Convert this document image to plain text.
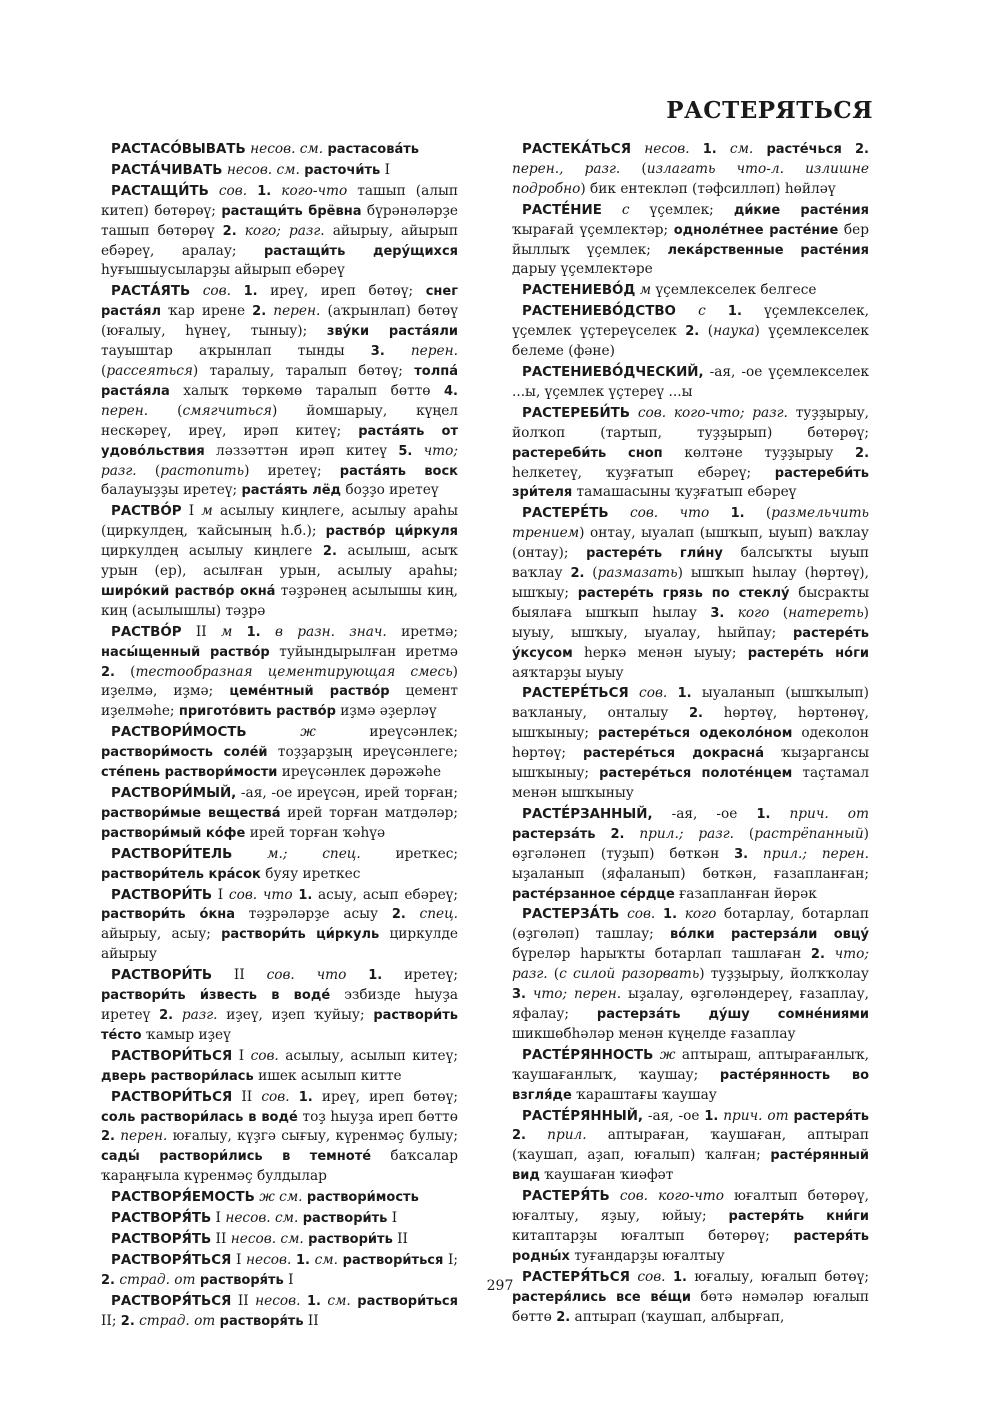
РАСТЕРЯТЬСЯ

РАСТАСО́ВЫВАТЬ несов. см. растасова́ть

РАСТА́ЧИВАТЬ несов. см. расточи́ть I

РАСТАЩИ́ТЬ сов. 1. кого-что ташып (алып китеп) бөтөрөү; растащи́ть брёвна бүрәнәләрҙе ташып бөтөрөү 2. кого; разг. айырыу, айырып ебәреү, аралау; растащи́ть деру́щихся һуғышыусыларҙы айырып ебәреү

РАСТА́ЯТЬ сов. 1. иреү, иреп бөтөү; снег раста́ял ҡар ирене 2. перен. (аҡрынлап) бөтөү (юғалыу, һүнеү, тыныу); зву́ки раста́яли тауыштар аҡрынлап тынды 3. перен. (рассеяться) таралыу, таралып бөтөү; толпа́ раста́яла халыҡ төркөмө таралып бөттө 4. перен. (смягчиться) йомшарыу, күңел нескәреү, иреү, ирәп китеү; раста́ять от удово́льствия ләззәттән ирәп китеү 5. что; разг. (растопить) иретеү; раста́ять воск балауыҙҙы иретеү; раста́ять лёд боҙҙо иретеү

РАСТВО́Р I м асылыу киңлеге, асылыу араһы (циркулдең, ҡайсының һ.б.); раство́р ци́ркуля циркулдең асылыу киңлеге 2. асылыш, асыҡ урын (ер), асылған урын, асылыу араһы; широ́кий раство́р окна́ тәҙрәнең асылышы киң, киң (асылышлы) тәҙрә

РАСТВО́Р II м 1. в разн. знач. иретмә; насы́щенный раство́р туйындырылған иретмә 2. (тестообразная цементирующая смесь) иҙелмә, иҙмә; цеме́нтный раство́р цемент иҙелмәһе; пригото́вить раство́р иҙмә әҙерләү

РАСТВОРИ́МОСТЬ	ж ирeүсәнлек; раствори́мость соле́й тоҙҙарҙың ирeүсәнлеге; сте́пень раствори́мости ирeүсәнлек дәрәжәһе

РАСТВОРИ́МЫЙ, -ая, -ое ирeүсән, ирей торған; раствори́мые вещества́ ирей торған матдәләр; раствори́мый ко́фе ирей торған ҡәһүә

РАСТВОРИ́ТЕЛЬ	м.; спец. иреткес; раствори́тель кра́сок буяу иреткес

РАСТВОРИ́ТЬ I сов. что 1. асыу, асып ебәреү; раствори́ть о́кна тәҙрәләрҙе асыу 2. спец. айырыу, асыу; раствори́ть ци́ркуль циркулде айырыу

РАСТВОРИ́ТЬ II сов. что 1. иретеү; раствори́ть и́звесть в воде́ эзбизде һыуҙа иретеү 2. разг. иҙеү, иҙеп ҡуйыу; раствори́ть те́сто ҡамыр иҙеү

РАСТВОРИ́ТЬСЯ I сов. асылыу, асылып китеү; дверь раствори́лась ишек асылып китте

РАСТВОРИ́ТЬСЯ II сов. 1. иреү, ирeп бөтөү; соль раствори́лась в воде́ тоҙ һыуҙа ирeп бөттө 2. перен. юғалыу, күҙгә сығыу, күренмәҫ булыу; сады́ раствори́лись в темноте́ баҡсалар ҡараңғыла күренмәҫ булдылар

РАСТВОРЯ́ЕМОСТЬ ж см. раствори́мость

РАСТВОРЯ́ТЬ I несов. см. раствори́ть I

РАСТВОРЯ́ТЬ II несов. см. раствори́ть II

РАСТВОРЯ́ТЬСЯ I несов. 1. см. раствори́ться I; 2. страд. от растворя́ть I

РАСТВОРЯ́ТЬСЯ II несов. 1. см. раствори́ться II; 2. страд. от растворя́ть II

РАСТЕКА́ТЬСЯ несов. 1. см. расте́чься 2. перен., разг. (излагать что-л. излишне подробно) бик ентекләп (тәфсилләп) һөйләү

РАСТЕ́НИЕ с үҫемлек; ди́кие расте́ния ҡырағай үҫемлектәр; одноле́тнее расте́ние бер йыллыҡ үҫемлек; лека́рственные расте́ния дарыу үҫемлектәре

РАСТЕНИЕВО́Д м үҫемлекселек белгесе

РАСТЕНИЕВО́ДСТВО с 1. үҫемлекселек, үҫемлек үҫтереүселек 2. (наука) үҫемлекселек белеме (фәне)

РАСТЕНИЕВО́ДЧЕСКИЙ, -ая, -ое үҫемлекселек ...ы, үҫемлек үҫтереү ...ы

РАСТЕРЕБИ́ТЬ сов. кого-что; разг. туҙҙырыу, йолҡоп (тартып, туҙҙырып) бөтөрөү; растереби́ть сноп көлтәне туҙҙырыу 2. һелкетеү, ҡуҙғатып ебәреү; растереби́ть зри́теля тамашасыны ҡуҙғатып ебәреү

РАСТЕРЕ́ТЬ сов. что 1. (размельчить трением) онтау, ыуалап (ышҡып, ыуып) ваҡлау (онтау); растере́ть гли́ну балсыҡты ыуып ваҡлау 2. (размазать) ышҡып һылау (һөртөү), ышҡыу; растере́ть грязь по стеклу́ бысракты быялаға ышҡып һылау 3. кого (натереть) ыуыу, ышҡыу, ыуалау, һыйпау; растере́ть у́ксусом һеркә менән ыуыу; растере́ть но́ги аяҡтарҙы ыуыу

РАСТЕРЕ́ТЬСЯ сов. 1. ыуаланып (ышҡылып) ваҡланыу, онталыу 2. һөртөү, һөртөнөү, ышҡыныу; растере́ться одеколо́ном одеколон һөртөү; растере́ться докрасна́ ҡыҙаргансы ышҡыныу; растере́ться полоте́нцем таҫтамал менән ышҡыныу

РАСТЕ́РЗАННЫЙ, -ая, -ое 1. прич. от растерза́ть 2. прил.; разг. (растрёпанный) өҙгәләнеп (туҙып) бөткән 3. прил.; перен. ыҙаланып (яфаланып) бөткән, ғазапланған; расте́рзанное се́рдце ғазапланған йөрәк

РАСТЕРЗА́ТЬ сов. 1. кого ботарлау, ботарлап (өҙгөләп) ташлау; во́лки растерза́ли овцу́ бүреләр һарыҡты ботарлап ташлаған 2. что; разг. (с силой разорвать) туҙҙырыу, йолҡҡолау 3. что; перен. ыҙалау, өҙгөләндереү, ғазаплау, яфалау; растерза́ть ду́шу сомне́ниями шикшөбһәләр менән күңелде ғазаплау

РАСТЕ́РЯННОСТЬ ж аптыраш, аптырағанлыҡ, ҡаушағанлыҡ, ҡаушау; расте́рянность во взгля́де ҡараштағы ҡаушау

РАСТЕ́РЯННЫЙ, -ая, -ое 1. прич. от растеря́ть 2. прил. аптыраған, ҡаушаған, аптырап (ҡаушап, аҙап, юғалып) ҡалған; расте́рянный вид ҡаушаған ҡиәфәт

РАСТЕРЯ́ТЬ сов. кого-что юғалтып бөтөрөү, юғалтыу, яҙыу, юйыу; растеря́ть кни́ги китаптарҙы юғалтып бөтөрөү; растеря́ть родны́х туғандарҙы юғалтыу

РАСТЕРЯ́ТЬСЯ сов. 1. юғалыу, юғалып бөтөү; растеря́лись все ве́щи бөтә нәмәләр юғалып бөттө 2. аптырап (ҡаушап, албырғап,

297
